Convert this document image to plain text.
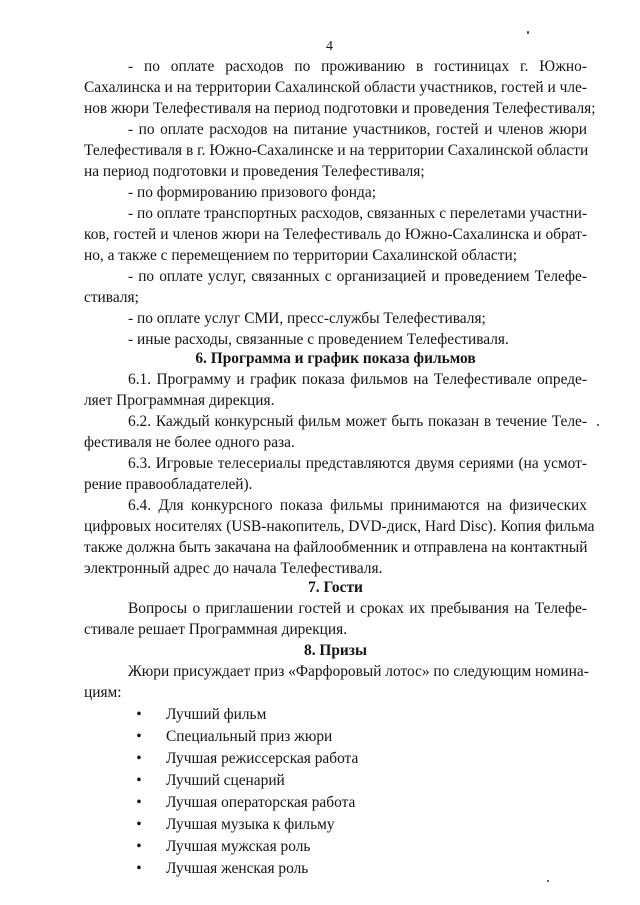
4
- по оплате расходов по проживанию в гостиницах г. Южно-
Сахалинска и на территории Сахалинской области участников, гостей и чле-
нов жюри Телефестиваля на период подготовки и проведения Телефестиваля;
- по оплате расходов на питание участников, гостей и членов жюри
Телефестиваля в г. Южно-Сахалинске и на территории Сахалинской области
на период подготовки и проведения Телефестиваля;
- по формированию призового фонда;
- по оплате транспортных расходов, связанных с перелетами участни-
ков, гостей и членов жюри на Телефестиваль до Южно-Сахалинска и обрат-
но, а также с перемещением по территории Сахалинской области;
- по оплате услуг, связанных с организацией и проведением Телефе-
стиваля;
- по оплате услуг СМИ, пресс-службы Телефестиваля;
- иные расходы, связанные с проведением Телефестиваля.
6. Программа и график показа фильмов
6.1. Программу и график показа фильмов на Телефестивале опреде-
ляет Программная дирекция.
6.2. Каждый конкурсный фильм может быть показан в течение Теле-
фестиваля не более одного раза.
6.3. Игровые телесериалы представляются двумя сериями (на усмот-
рение правообладателей).
6.4. Для конкурсного показа фильмы принимаются на физических
цифровых носителях (USB-накопитель, DVD-диск, Hard Disc). Копия фильма
также должна быть закачана на файлообменник и отправлена на контактный
электронный адрес до начала Телефестиваля.
7. Гости
Вопросы о приглашении гостей и сроках их пребывания на Телефе-
стивале решает Программная дирекция.
8. Призы
Жюри присуждает приз «Фарфоровый лотос» по следующим номина-
циям:
• Лучший фильм
• Специальный приз жюри
• Лучшая режиссерская работа
• Лучший сценарий
• Лучшая операторская работа
• Лучшая музыка к фильму
• Лучшая мужская роль
• Лучшая женская роль
